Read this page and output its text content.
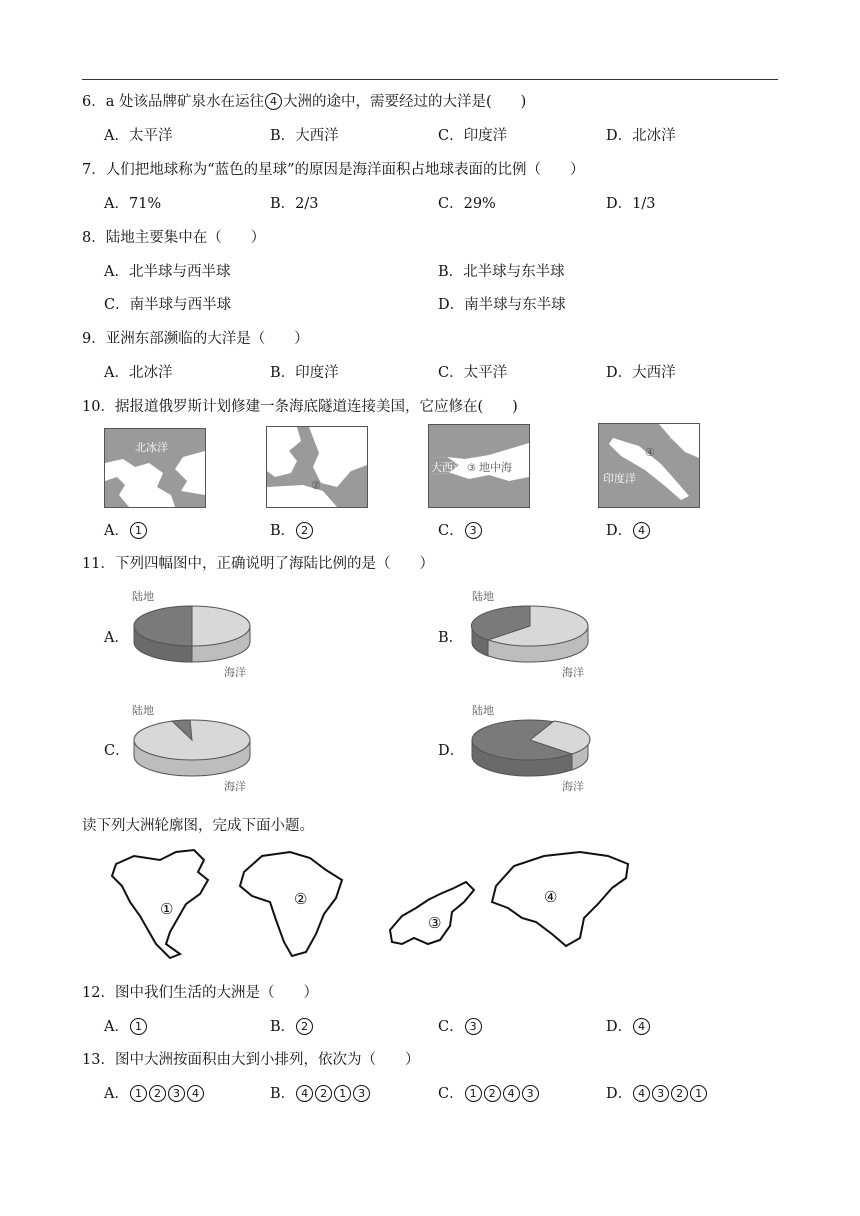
6．a 处该品牌矿泉水在运往 4 大洲的途中，需要经过的大洋是(　　)
A．太平洋	B．大西洋	C．印度洋	D．北冰洋
7．人们把地球称为“蓝色的星球”的原因是海洋面积占地球表面的比例（　　）
A．71%	B．2/3	C．29%	D．1/3
8．陆地主要集中在（　　）
A．北半球与西半球	B．北半球与东半球
C．南半球与西半球	D．南半球与东半球
9．亚洲东部濒临的大洋是（　　）
A．北冰洋	B．印度洋	C．太平洋	D．大西洋
10．据报道俄罗斯计划修建一条海底隧道连接美国，它应修在(　　)
北冰洋
太平洋
①
北海
大西洋
②
大西洋 地中海
③
太平洋
印度洋
④
A． 1	B． 2	C． 3	D． 4
11．下列四幅图中，正确说明了海陆比例的是（　　）
A．	B．
C．	D．
陆地
海洋
陆地
海洋
陆地
海洋
陆地
海洋
读下列大洲轮廓图，完成下面小题。
①
②
③
④
12．图中我们生活的大洲是（　　）
A． 1	B． 2	C． 3	D． 4
13．图中大洲按面积由大到小排列，依次为（　　）
A． 1 2 3 4	B． 4 2 1 3	C． 1 2 4 3	D． 4 3 2 1
